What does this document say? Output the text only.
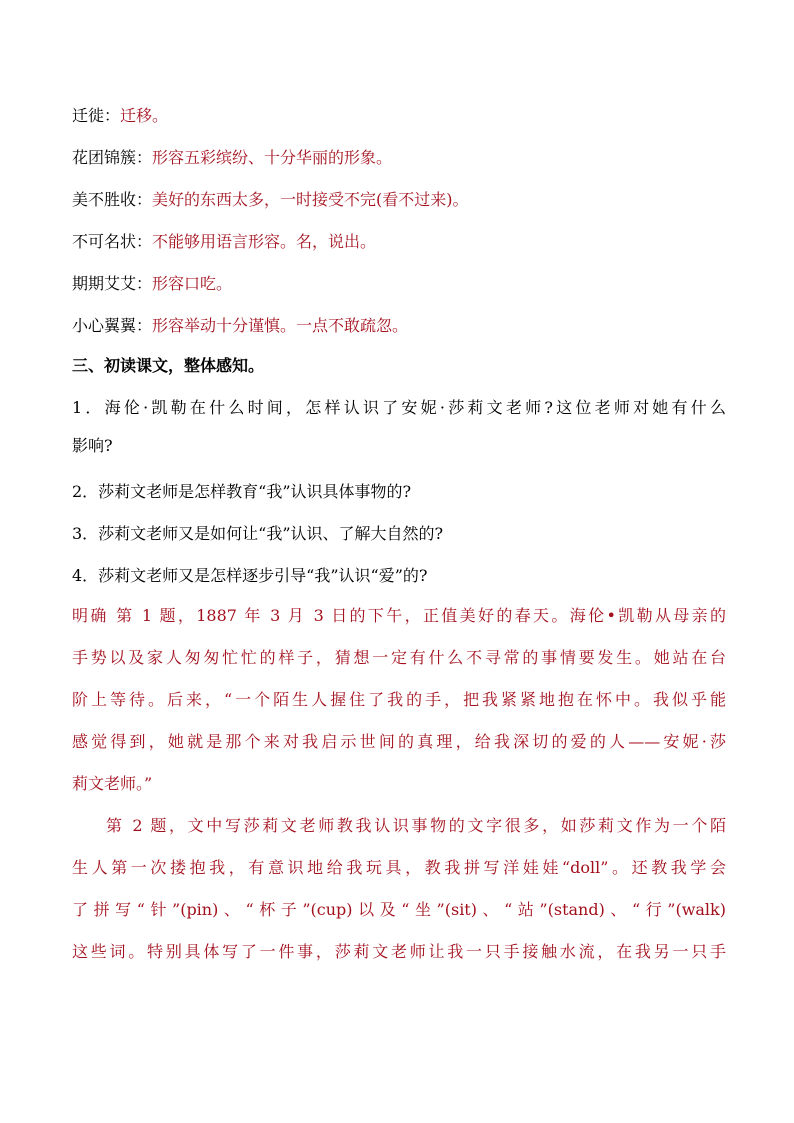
迁徙：迁移。
花团锦簇：形容五彩缤纷、十分华丽的形象。
美不胜收：美好的东西太多，一时接受不完(看不过来)。
不可名状：不能够用语言形容。名，说出。
期期艾艾：形容口吃。
小心翼翼：形容举动十分谨慎。一点不敢疏忽。
三、初读课文，整体感知。
1．海伦·凯勒在什么时间，怎样认识了安妮·莎莉文老师?这位老师对她有什么
影响?
2．莎莉文老师是怎样教育“我”认识具体事物的?
3．莎莉文老师又是如何让“我”认识、了解大自然的?
4．莎莉文老师又是怎样逐步引导“我”认识“爱”的?
明确 第 1 题，1887 年 3 月 3 日的下午，正值美好的春天。海伦•凯勒从母亲的
手势以及家人匆匆忙忙的样子，猜想一定有什么不寻常的事情要发生。她站在台
阶上等待。后来，“一个陌生人握住了我的手，把我紧紧地抱在怀中。我似乎能
感觉得到，她就是那个来对我启示世间的真理，给我深切的爱的人——安妮·莎
莉文老师。”
第 2 题，文中写莎莉文老师教我认识事物的文字很多，如莎莉文作为一个陌
生人第一次搂抱我，有意识地给我玩具，教我拼写洋娃娃“doll”。还教我学会
了拼写“针”(pin)、“杯子”(cup)以及“坐”(sit)、“站”(stand)、“行”(walk)
这些词。特别具体写了一件事，莎莉文老师让我一只手接触水流，在我另一只手
